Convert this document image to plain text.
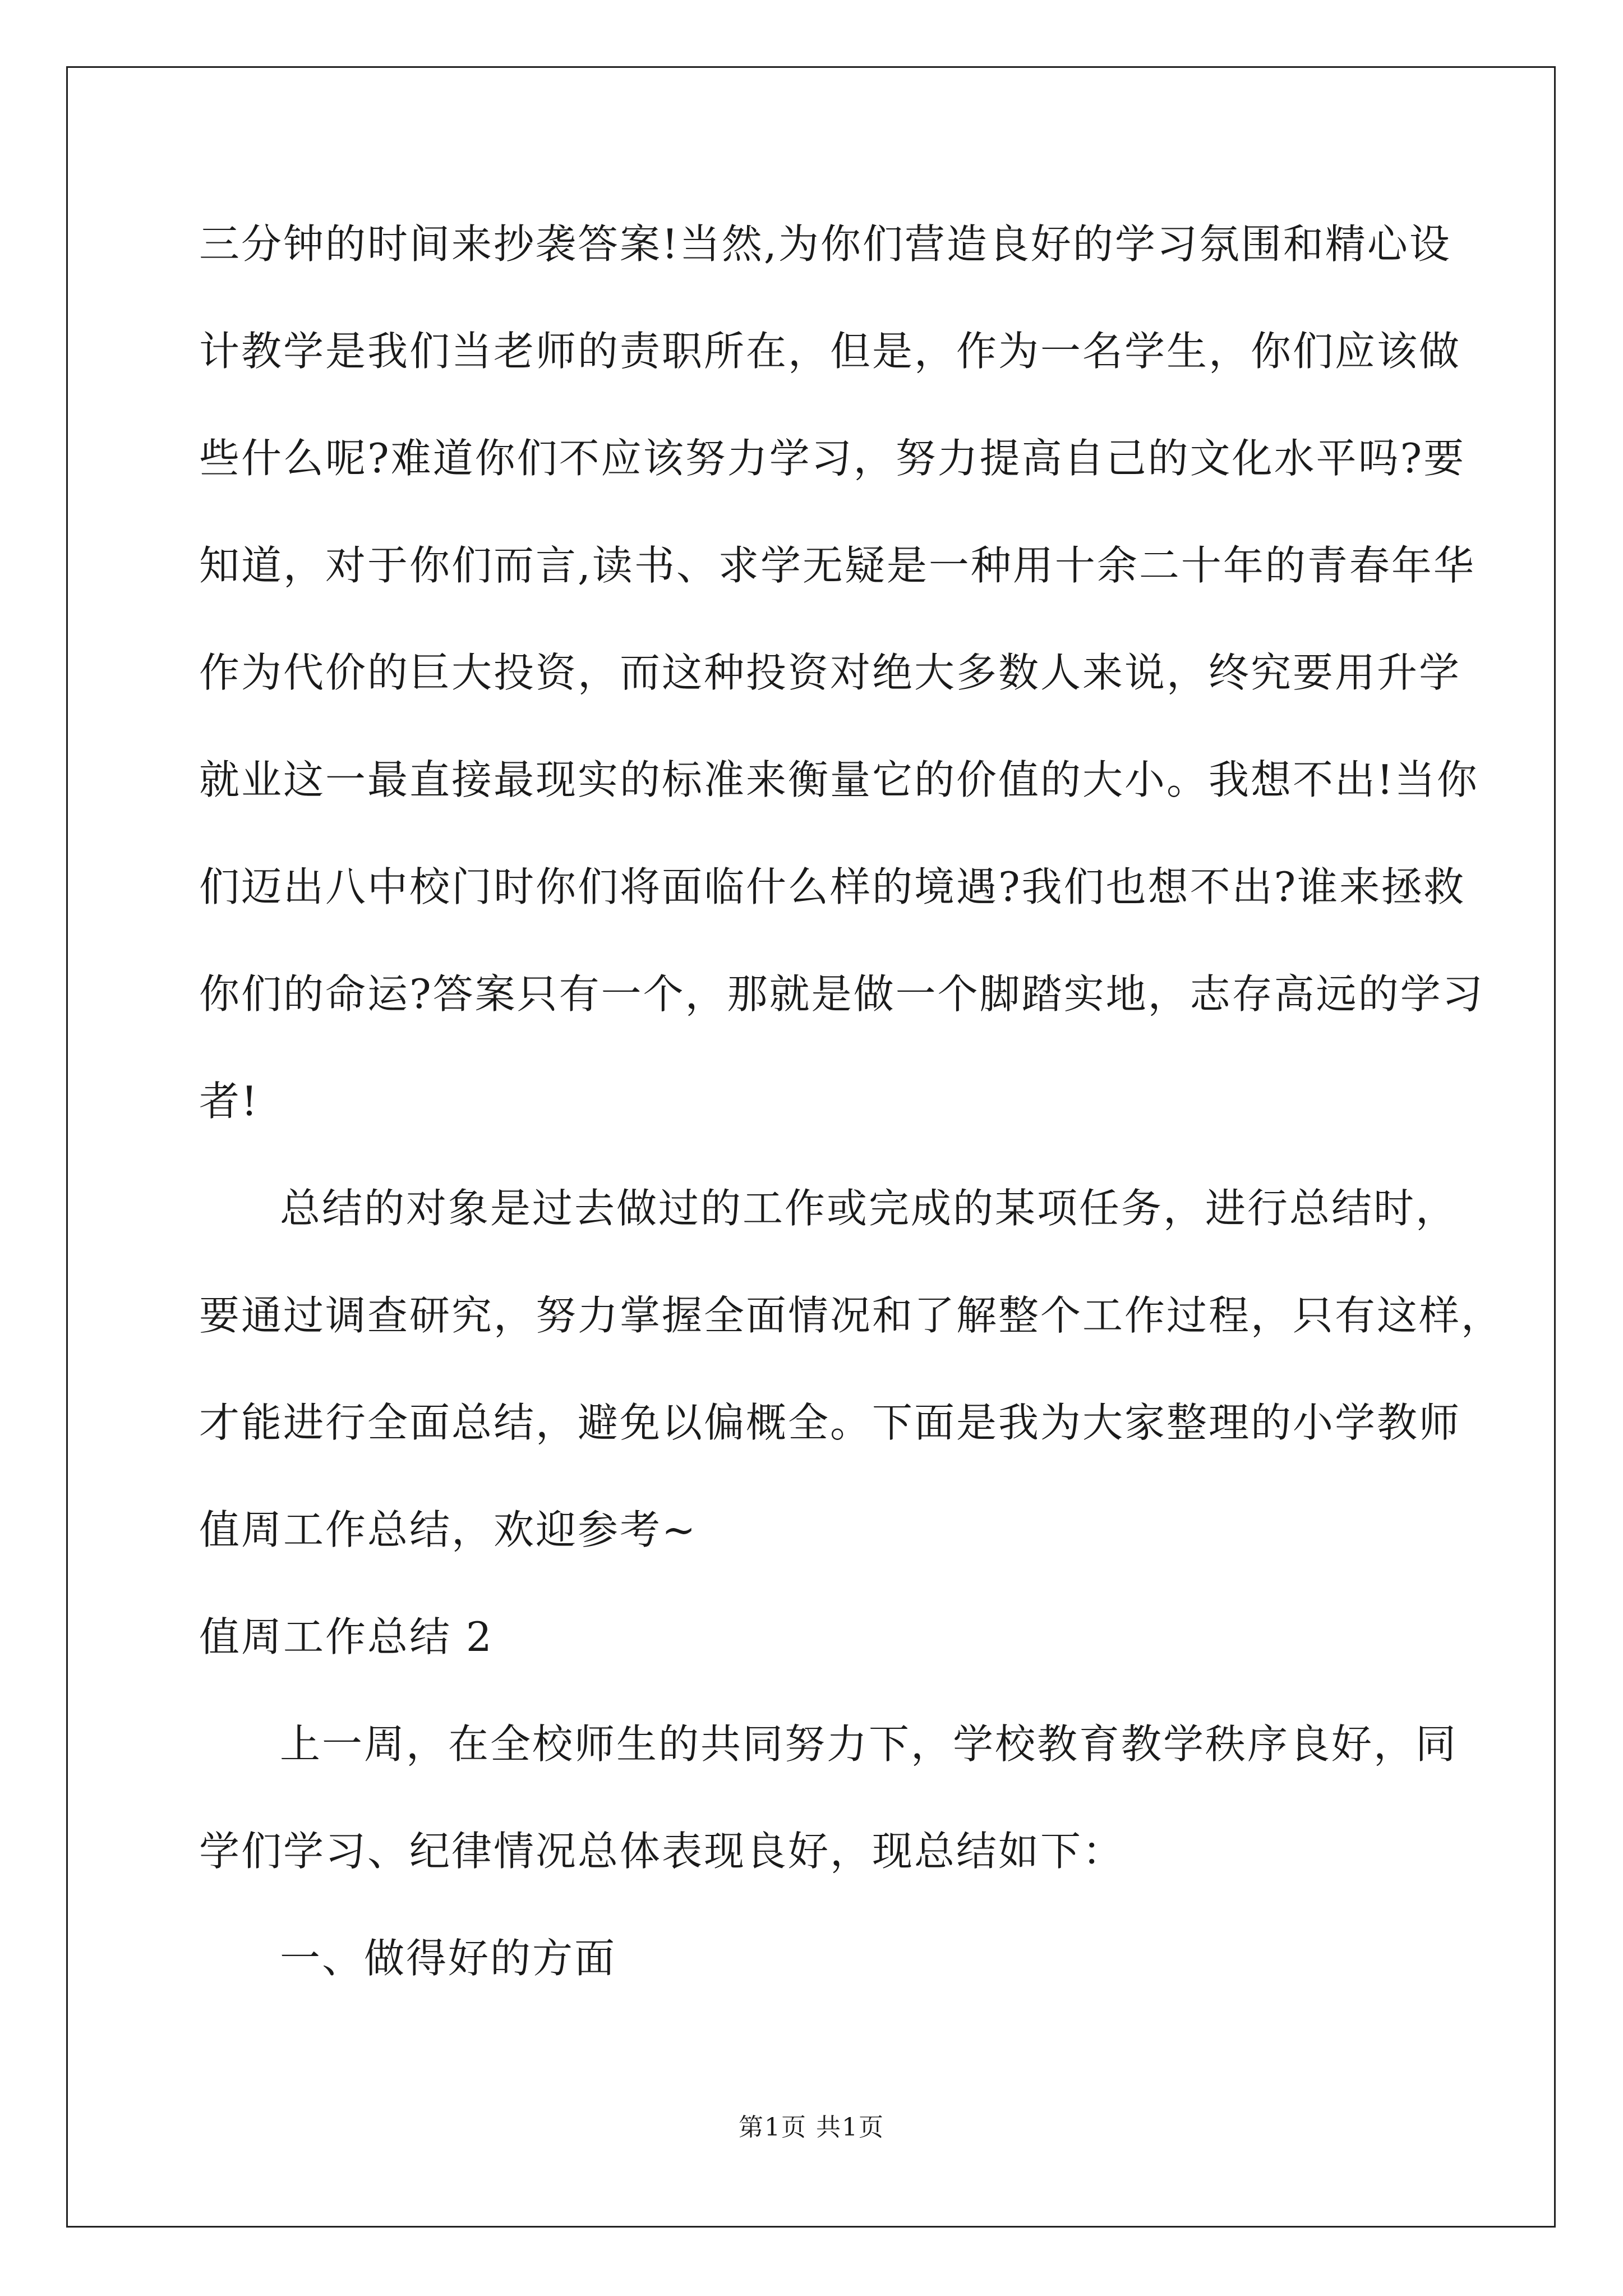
三分钟的时间来抄袭答案!当然,为你们营造良好的学习氛围和精心设

计教学是我们当老师的责职所在，但是，作为一名学生，你们应该做

些什么呢?难道你们不应该努力学习，努力提高自己的文化水平吗?要

知道，对于你们而言,读书、求学无疑是一种用十余二十年的青春年华

作为代价的巨大投资，而这种投资对绝大多数人来说，终究要用升学

就业这一最直接最现实的标准来衡量它的价值的大小。我想不出!当你

们迈出八中校门时你们将面临什么样的境遇?我们也想不出?谁来拯救

你们的命运?答案只有一个，那就是做一个脚踏实地，志存高远的学习

者!

总结的对象是过去做过的工作或完成的某项任务，进行总结时，

要通过调查研究，努力掌握全面情况和了解整个工作过程，只有这样，

才能进行全面总结，避免以偏概全。下面是我为大家整理的小学教师

值周工作总结，欢迎参考~

值周工作总结 2

上一周，在全校师生的共同努力下，学校教育教学秩序良好，同

学们学习、纪律情况总体表现良好，现总结如下：

一、做得好的方面

第1页 共1页
